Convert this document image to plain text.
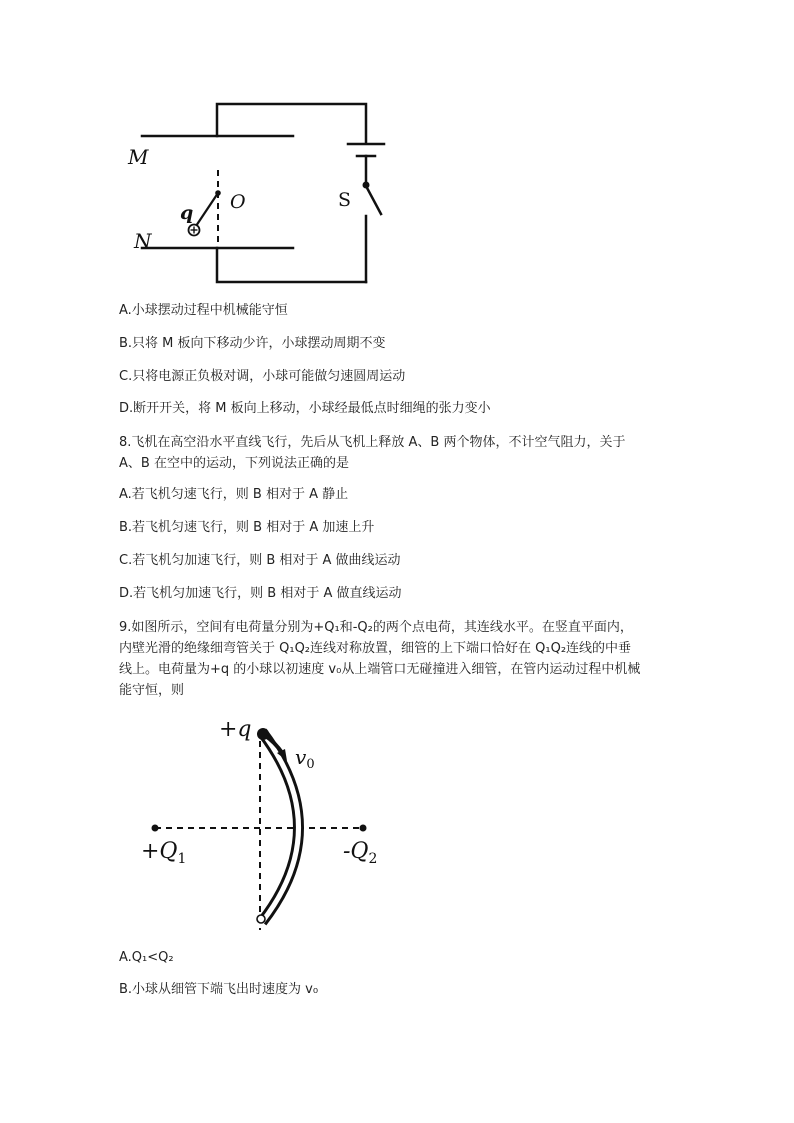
M
q O	S
N
A.小球摆动过程中机械能守恒
B.只将 M 板向下移动少许，小球摆动周期不变
C.只将电源正负极对调，小球可能做匀速圆周运动
D.断开开关，将 M 板向上移动，小球经最低点时细绳的张力变小
8.飞机在高空沿水平直线飞行，先后从飞机上释放 A、B 两个物体，不计空气阻力，关于
A、B 在空中的运动，下列说法正确的是
A.若飞机匀速飞行，则 B 相对于 A 静止
B.若飞机匀速飞行，则 B 相对于 A 加速上升
C.若飞机匀加速飞行，则 B 相对于 A 做曲线运动
D.若飞机匀加速飞行，则 B 相对于 A 做直线运动
9.如图所示，空间有电荷量分别为+Q₁和-Q₂的两个点电荷，其连线水平。在竖直平面内，
内壁光滑的绝缘细弯管关于 Q₁Q₂连线对称放置，细管的上下端口恰好在 Q₁Q₂连线的中垂
线上。电荷量为+q 的小球以初速度 v₀从上端管口无碰撞进入细管，在管内运动过程中机械
能守恒，则
+q
$v_0$
$+Q_1$	$-Q_2$
A.Q₁<Q₂
B.小球从细管下端飞出时速度为 v₀
